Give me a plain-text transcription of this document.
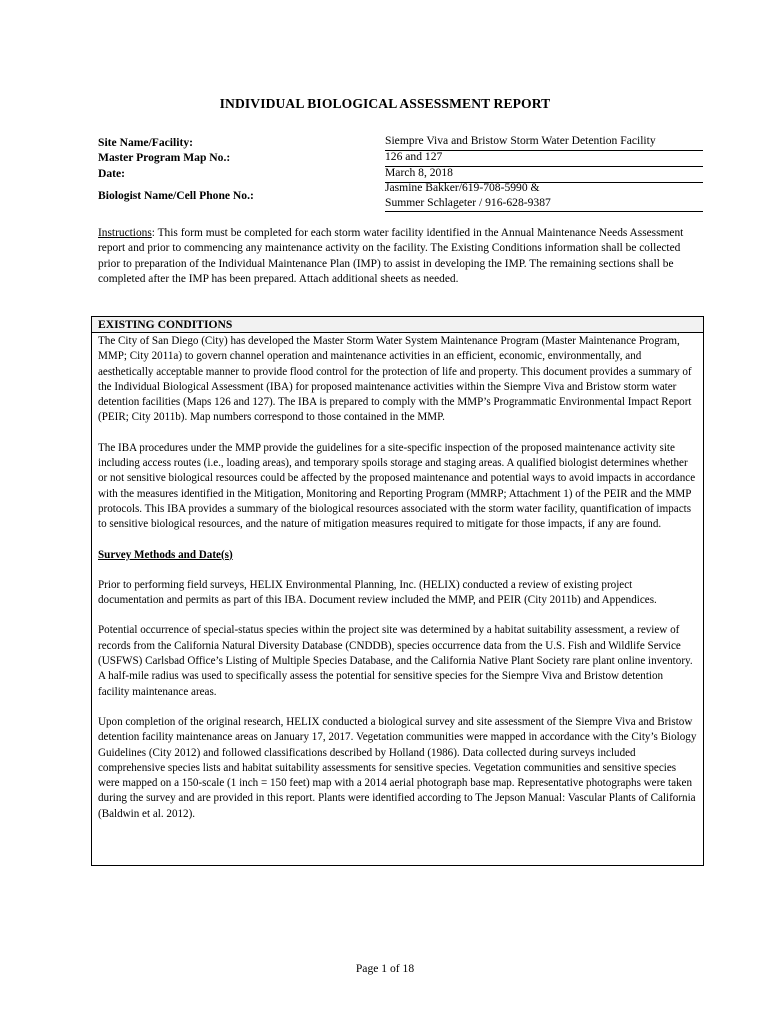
INDIVIDUAL BIOLOGICAL ASSESSMENT REPORT
Site Name/Facility:
Master Program Map No.:
Date:
Biologist Name/Cell Phone No.:
Siempre Viva and Bristow Storm Water Detention Facility
126 and 127
March 8, 2018
Jasmine Bakker/619-708-5990 &
Summer Schlageter / 916-628-9387
Instructions: This form must be completed for each storm water facility identified in the Annual Maintenance Needs Assessment report and prior to commencing any maintenance activity on the facility. The Existing Conditions information shall be collected prior to preparation of the Individual Maintenance Plan (IMP) to assist in developing the IMP. The remaining sections shall be completed after the IMP has been prepared. Attach additional sheets as needed.
EXISTING CONDITIONS

The City of San Diego (City) has developed the Master Storm Water System Maintenance Program (Master Maintenance Program, MMP; City 2011a) to govern channel operation and maintenance activities in an efficient, economic, environmentally, and aesthetically acceptable manner to provide flood control for the protection of life and property. This document provides a summary of the Individual Biological Assessment (IBA) for proposed maintenance activities within the Siempre Viva and Bristow storm water detention facilities (Maps 126 and 127). The IBA is prepared to comply with the MMP’s Programmatic Environmental Impact Report (PEIR; City 2011b). Map numbers correspond to those contained in the MMP.

The IBA procedures under the MMP provide the guidelines for a site-specific inspection of the proposed maintenance activity site including access routes (i.e., loading areas), and temporary spoils storage and staging areas. A qualified biologist determines whether or not sensitive biological resources could be affected by the proposed maintenance and potential ways to avoid impacts in accordance with the measures identified in the Mitigation, Monitoring and Reporting Program (MMRP; Attachment 1) of the PEIR and the MMP protocols. This IBA provides a summary of the biological resources associated with the storm water facility, quantification of impacts to sensitive biological resources, and the nature of mitigation measures required to mitigate for those impacts, if any are found.

Survey Methods and Date(s)

Prior to performing field surveys, HELIX Environmental Planning, Inc. (HELIX) conducted a review of existing project documentation and permits as part of this IBA. Document review included the MMP, and PEIR (City 2011b) and Appendices.

Potential occurrence of special-status species within the project site was determined by a habitat suitability assessment, a review of records from the California Natural Diversity Database (CNDDB), species occurrence data from the U.S. Fish and Wildlife Service (USFWS) Carlsbad Office’s Listing of Multiple Species Database, and the California Native Plant Society rare plant online inventory. A half-mile radius was used to specifically assess the potential for sensitive species for the Siempre Viva and Bristow detention facility maintenance areas.

Upon completion of the original research, HELIX conducted a biological survey and site assessment of the Siempre Viva and Bristow detention facility maintenance areas on January 17, 2017. Vegetation communities were mapped in accordance with the City’s Biology Guidelines (City 2012) and followed classifications described by Holland (1986). Data collected during surveys included comprehensive species lists and habitat suitability assessments for sensitive species. Vegetation communities and sensitive species were mapped on a 150-scale (1 inch = 150 feet) map with a 2014 aerial photograph base map. Representative photographs were taken during the survey and are provided in this report. Plants were identified according to The Jepson Manual: Vascular Plants of California (Baldwin et al. 2012).

Page 1 of 18
